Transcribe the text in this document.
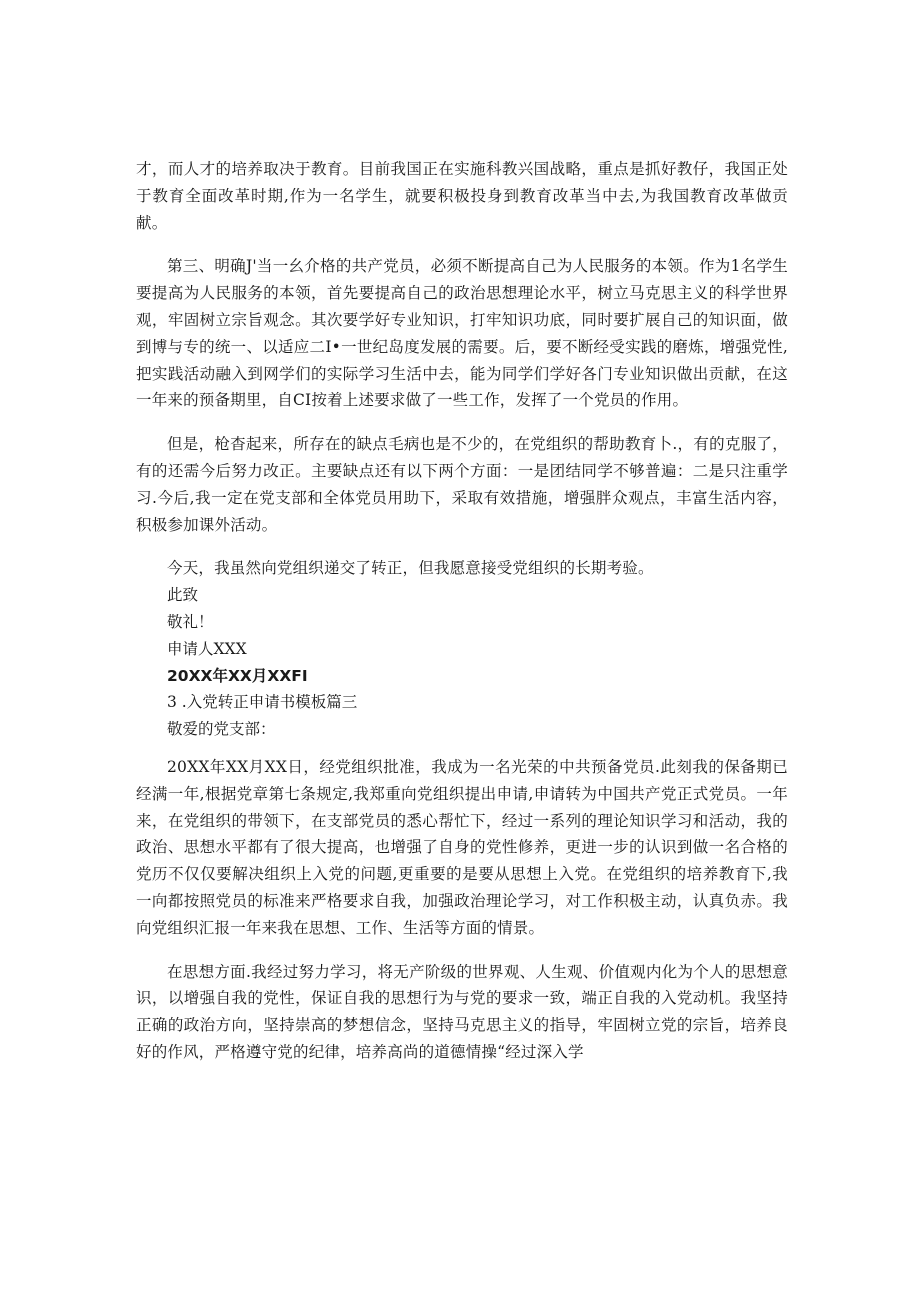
才，而人才的培养取决于教育。目前我国正在实施科教兴国战略，重点是抓好教仔，我国正处于教育全面改革时期,作为一名学生，就要积极投身到教育改革当中去,为我国教育改革做贡献。

第三、明确J'当一幺介格的共产党员，必须不断提高自己为人民服务的本领。作为1名学生要提高为人民服务的本领，首先要提高自己的政治思想理论水平，树立马克思主义的科学世界观，牢固树立宗旨观念。其次要学好专业知识，打牢知识功底，同时要扩展自己的知识面，做到博与专的统一、以适应二I•一世纪岛度发展的需要。后，要不断经受实践的磨炼，增强党性,把实践活动融入到网学们的实际学习生活中去，能为同学们学好各门专业知识做出贡献，在这一年来的预备期里，自CI按着上述要求做了一些工作，发挥了一个党员的作用。

但是，枪杳起来，所存在的缺点毛病也是不少的，在党组织的帮助教育卜.，有的克服了，有的还需今后努力改正。主要缺点还有以下两个方面：一是团结同学不够普遍：二是只注重学习.今后,我一定在党支部和全体党员用助下，采取有效措施，增强胖众观点，丰富生活内容，积极参加课外活动。

今天，我虽然向党组织递交了转正，但我愿意接受党组织的长期考验。

此致

敬礼！

申请人XXX

20XX年XX月XXFI

3 .入党转正申请书模板篇三

敬爱的党支部：

20XX年XX月XX日，经党组织批准，我成为一名光荣的中共预备党员.此刻我的保备期已经满一年,根据党章第七条规定,我郑重向党组织提出申请,申请转为中国共产党正式党员。一年来，在党组织的带领下，在支部党员的悉心帮忙下，经过一系列的理论知识学习和活动，我的政治、思想水平都有了很大提高，也增强了自身的党性修养，更进一步的认识到做一名合格的党历不仅仅要解决组织上入党的问题,更重要的是要从思想上入党。在党组织的培养教育下,我一向都按照党员的标准来严格要求自我，加强政治理论学习，对工作积极主动，认真负赤。我向党组织汇报一年来我在思想、工作、生活等方面的情景。

在思想方面.我经过努力学习，将无产阶级的世界观、人生观、价值观内化为个人的思想意识，以增强自我的党性，保证自我的思想行为与党的要求一致，端正自我的入党动机。我坚持正确的政治方向，坚持崇高的梦想信念，坚持马克思主义的指导，牢固树立党的宗旨，培养良好的作风，严格遵守党的纪律，培养高尚的道德情操“经过深入学
